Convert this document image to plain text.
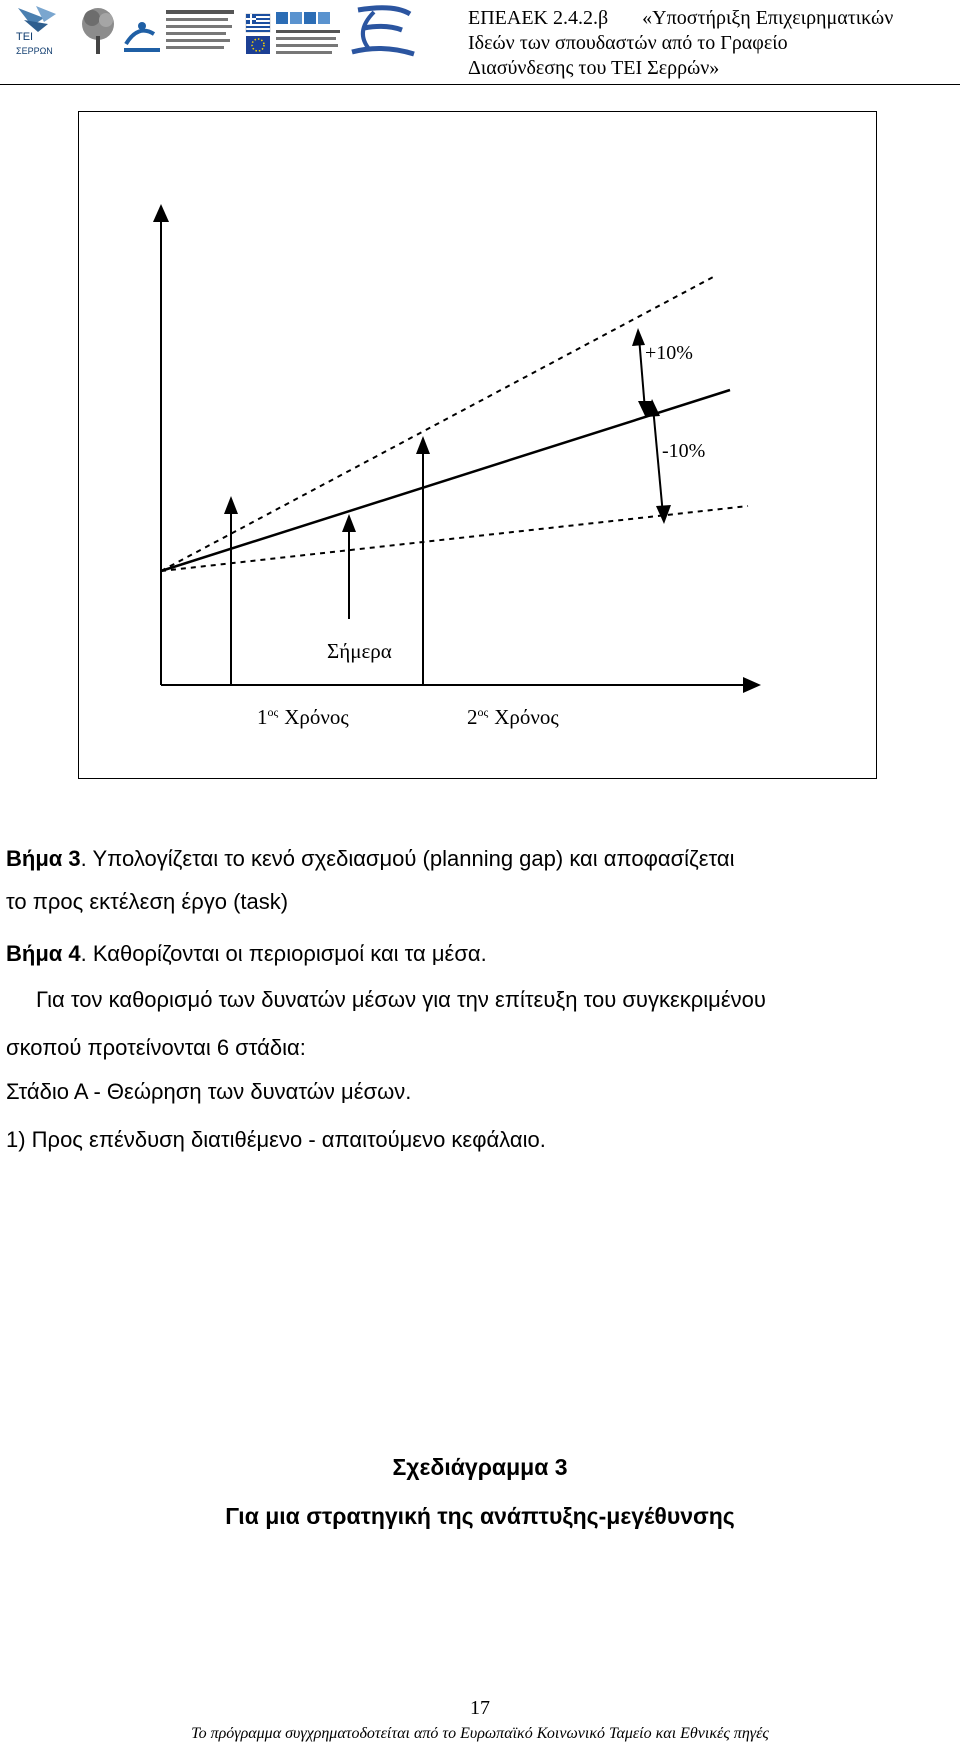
ΤΕΙ
ΣΕΡΡΩΝ
ΕΠΕΑΕΚ 2.4.2.β «Υποστήριξη Επιχειρηματικών
Ιδεών των σπουδαστών από το Γραφείο
Διασύνδεσης του ΤΕΙ Σερρών»
+10%
-10%
Σήμερα
$1^{o\varsigma}$ Χρόνος	$2^{o\varsigma}$ Χρόνος
Βήμα 3. Υπολογίζεται το κενό σχεδιασμού (planning gap) και αποφασίζεται
το προς εκτέλεση έργο (task)
Βήμα 4. Καθορίζονται οι περιορισμοί και τα μέσα.
Για τον καθορισμό των δυνατών μέσων για την επίτευξη του συγκεκριμένου
σκοπού προτείνονται 6 στάδια:
Στάδιο Α - Θεώρηση των δυνατών μέσων.
1) Προς επένδυση διατιθέμενο - απαιτούμενο κεφάλαιο.
Σχεδιάγραμμα 3
Για μια στρατηγική της ανάπτυξης-μεγέθυνσης
17
Το πρόγραμμα συγχρηματοδοτείται από το Ευρωπαϊκό Κοινωνικό Ταμείο και Εθνικές πηγές
